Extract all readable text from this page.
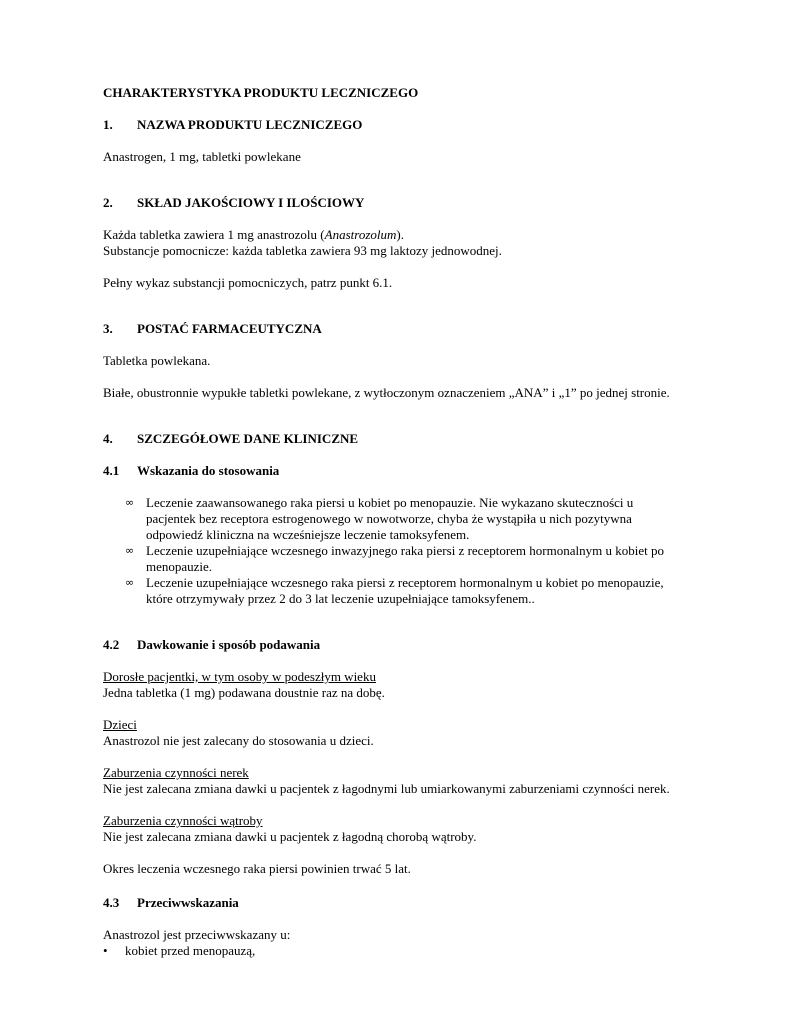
CHARAKTERYSTYKA PRODUKTU LECZNICZEGO
1. NAZWA PRODUKTU LECZNICZEGO
Anastrogen, 1 mg, tabletki powlekane
2. SKŁAD JAKOŚCIOWY I ILOŚCIOWY
Każda tabletka zawiera 1 mg anastrozolu (Anastrozolum).
Substancje pomocnicze: każda tabletka zawiera 93 mg laktozy jednowodnej.
Pełny wykaz substancji pomocniczych, patrz punkt 6.1.
3. POSTAĆ FARMACEUTYCZNA
Tabletka powlekana.
Białe, obustronnie wypukłe tabletki powlekane, z wytłoczonym oznaczeniem „ANA” i „1” po jednej stronie.
4. SZCZEGÓŁOWE DANE KLINICZNE
4.1 Wskazania do stosowania
∞ Leczenie zaawansowanego raka piersi u kobiet po menopauzie. Nie wykazano skuteczności u
pacjentek bez receptora estrogenowego w nowotworze, chyba że wystąpiła u nich pozytywna
odpowiedź kliniczna na wcześniejsze leczenie tamoksyfenem.
∞ Leczenie uzupełniające wczesnego inwazyjnego raka piersi z receptorem hormonalnym u kobiet po
menopauzie.
∞ Leczenie uzupełniające wczesnego raka piersi z receptorem hormonalnym u kobiet po menopauzie,
które otrzymywały przez 2 do 3 lat leczenie uzupełniające tamoksyfenem..
4.2 Dawkowanie i sposób podawania
Dorosłe pacjentki, w tym osoby w podeszłym wieku
Jedna tabletka (1 mg) podawana doustnie raz na dobę.
Dzieci
Anastrozol nie jest zalecany do stosowania u dzieci.
Zaburzenia czynności nerek
Nie jest zalecana zmiana dawki u pacjentek z łagodnymi lub umiarkowanymi zaburzeniami czynności nerek.
Zaburzenia czynności wątroby
Nie jest zalecana zmiana dawki u pacjentek z łagodną chorobą wątroby.
Okres leczenia wczesnego raka piersi powinien trwać 5 lat.
4.3 Przeciwwskazania
Anastrozol jest przeciwwskazany u:
• kobiet przed menopauzą,
